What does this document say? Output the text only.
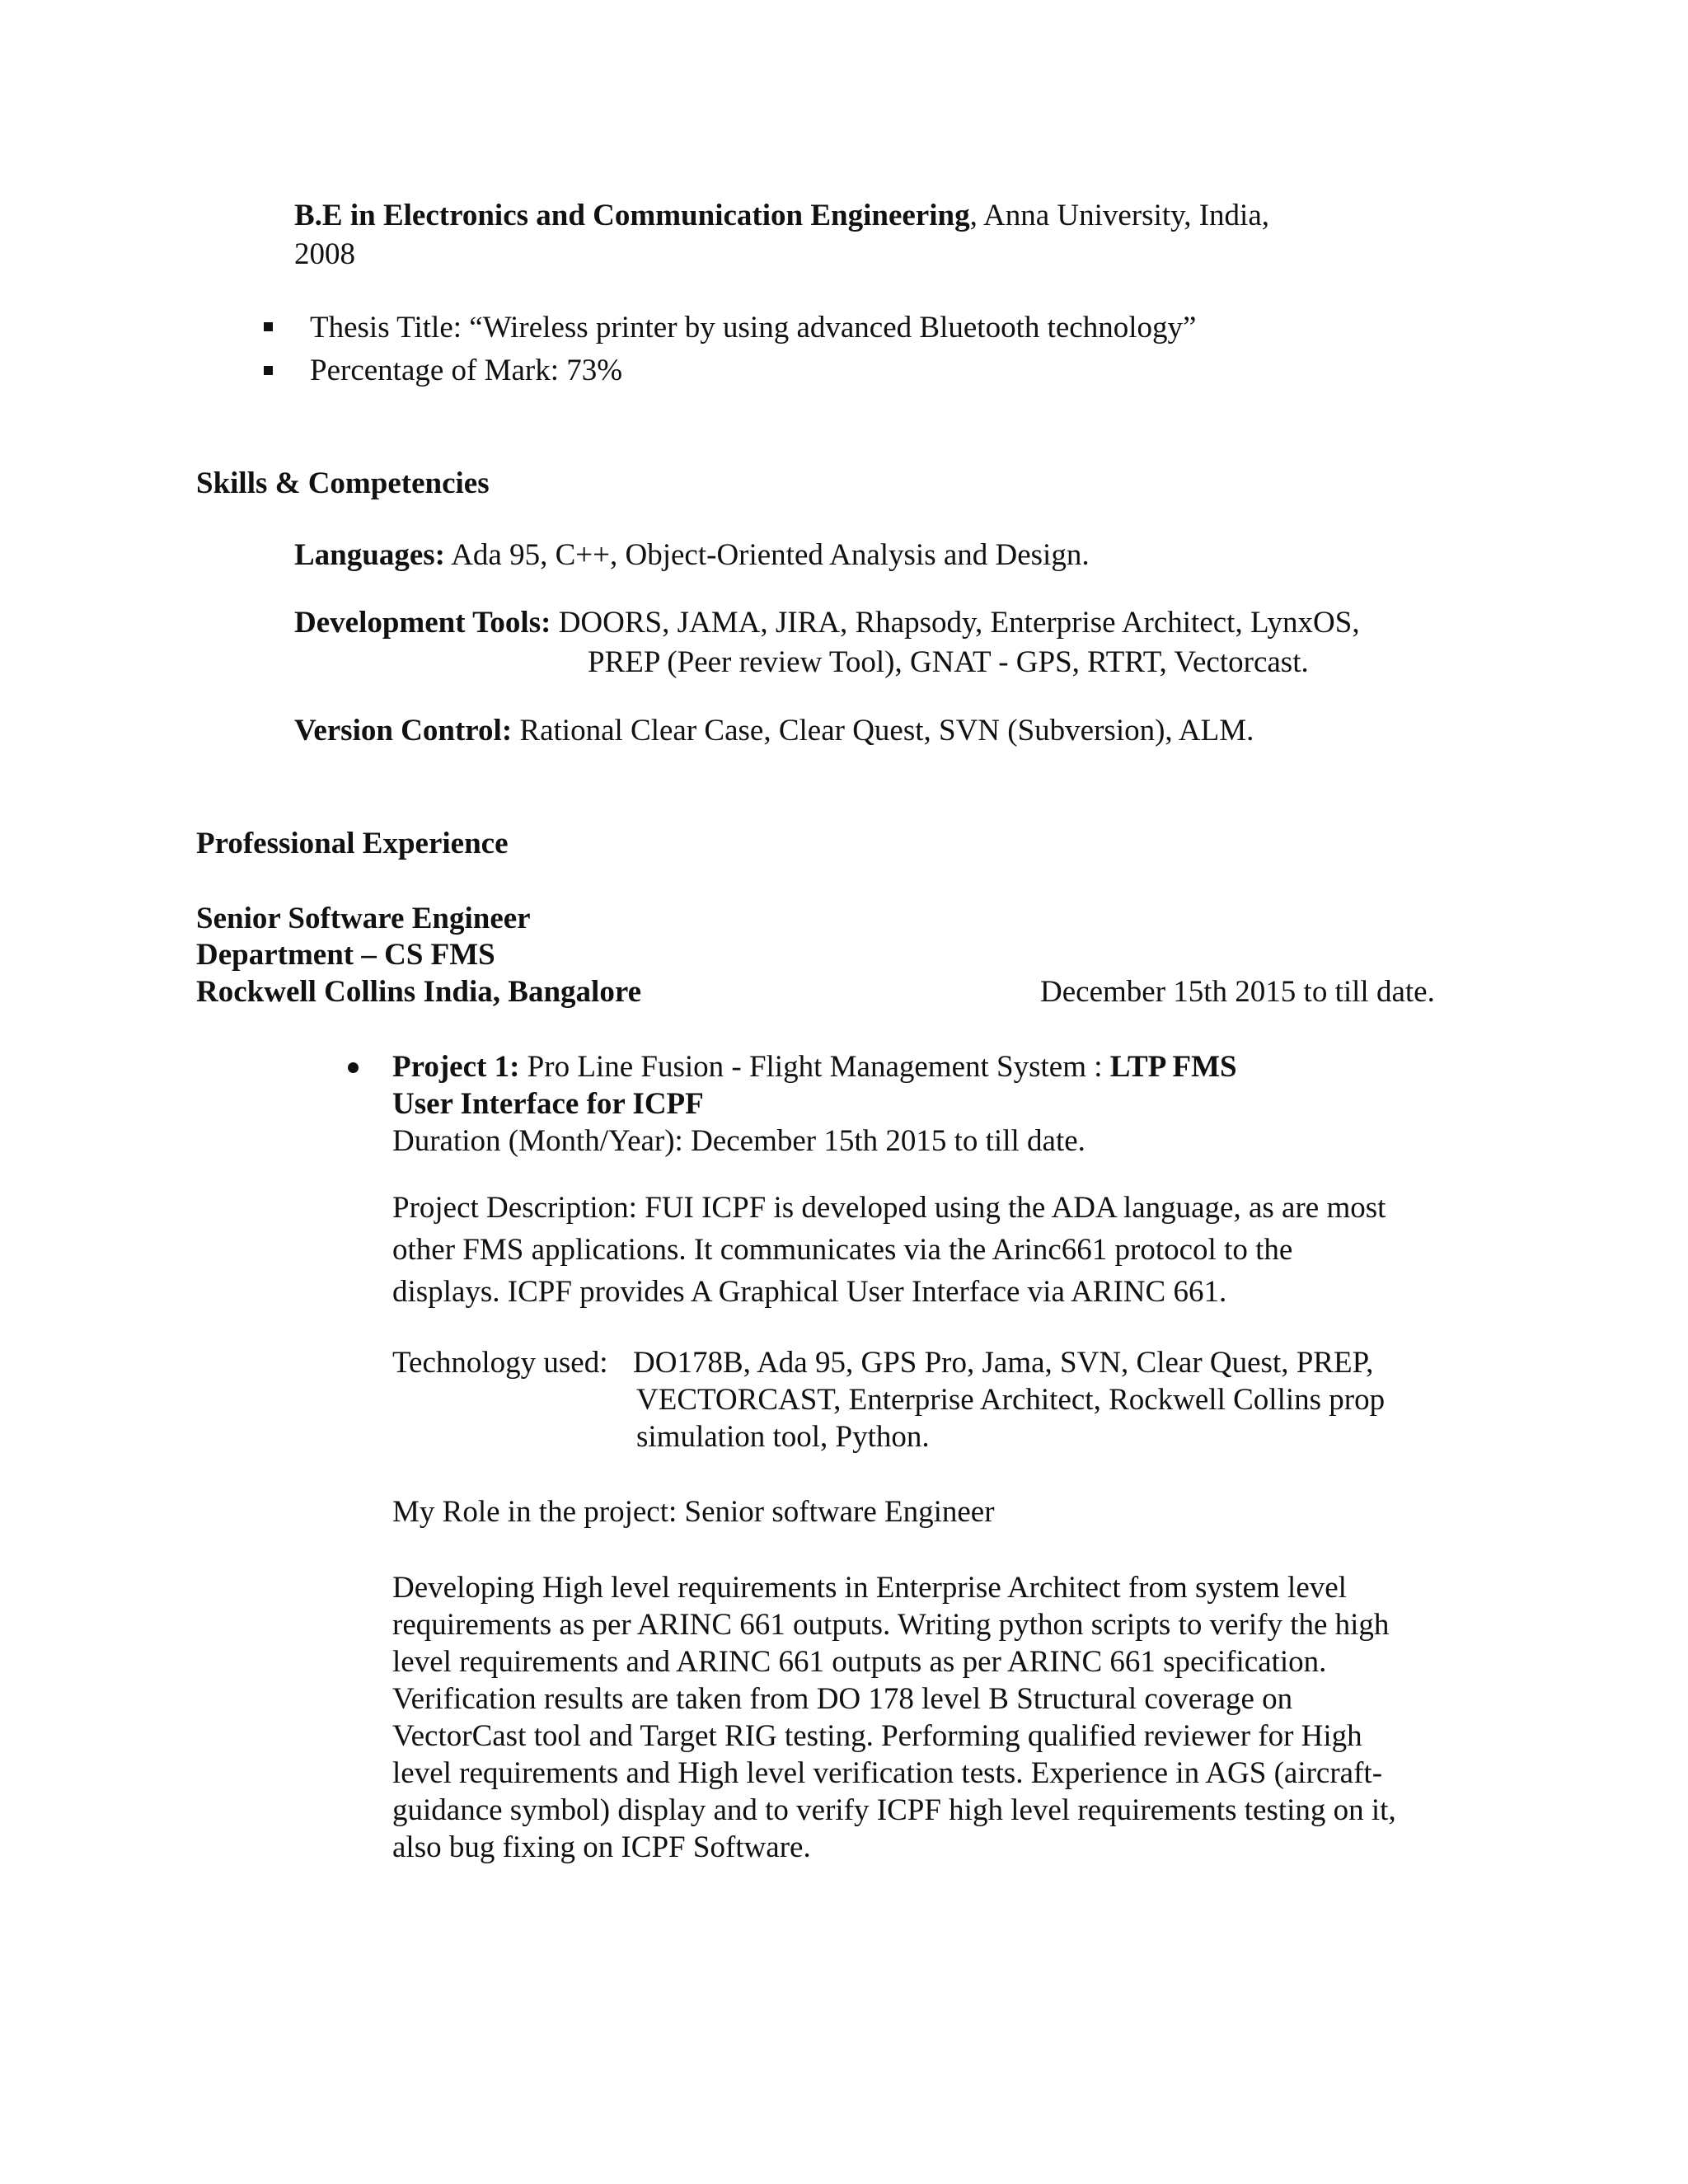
B.E in Electronics and Communication Engineering, Anna University, India,
2008
Thesis Title: “Wireless printer by using advanced Bluetooth technology”
Percentage of Mark: 73%
Skills & Competencies
Languages: Ada 95, C++, Object-Oriented Analysis and Design.
Development Tools: DOORS, JAMA, JIRA, Rhapsody, Enterprise Architect, LynxOS,
PREP (Peer review Tool), GNAT - GPS, RTRT, Vectorcast.
Version Control: Rational Clear Case, Clear Quest, SVN (Subversion), ALM.
Professional Experience
Senior Software Engineer
Department – CS FMS
Rockwell Collins India, Bangalore	December 15th 2015 to till date.
Project 1: Pro Line Fusion - Flight Management System : LTP FMS
User Interface for ICPF
Duration (Month/Year): December 15th 2015 to till date.
Project Description: FUI ICPF is developed using the ADA language, as are most
other FMS applications. It communicates via the Arinc661 protocol to the
displays. ICPF provides A Graphical User Interface via ARINC 661.
Technology used: DO178B, Ada 95, GPS Pro, Jama, SVN, Clear Quest, PREP,
VECTORCAST, Enterprise Architect, Rockwell Collins prop
simulation tool, Python.
My Role in the project: Senior software Engineer
Developing High level requirements in Enterprise Architect from system level
requirements as per ARINC 661 outputs. Writing python scripts to verify the high
level requirements and ARINC 661 outputs as per ARINC 661 specification.
Verification results are taken from DO 178 level B Structural coverage on
VectorCast tool and Target RIG testing. Performing qualified reviewer for High
level requirements and High level verification tests. Experience in AGS (aircraft-
guidance symbol) display and to verify ICPF high level requirements testing on it,
also bug fixing on ICPF Software.
